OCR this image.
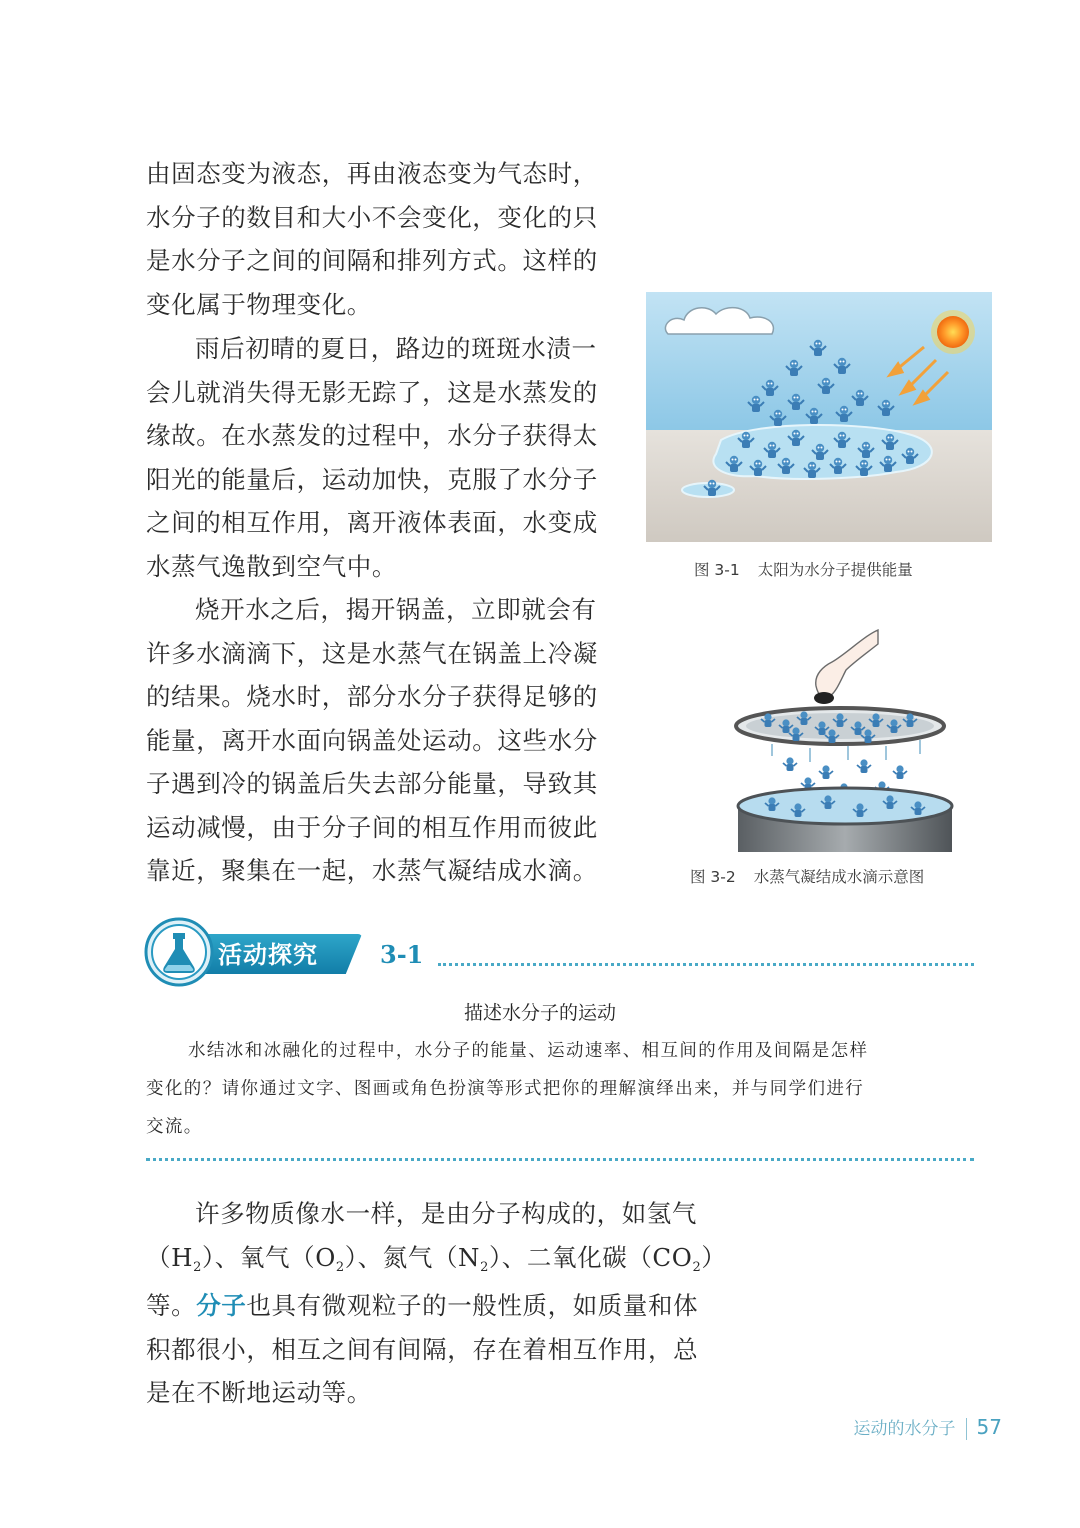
由固态变为液态，再由液态变为气态时，
水分子的数目和大小不会变化，变化的只
是水分子之间的间隔和排列方式。这样的
变化属于物理变化。

雨后初晴的夏日，路边的斑斑水渍一
会儿就消失得无影无踪了，这是水蒸发的
缘故。在水蒸发的过程中，水分子获得太
阳光的能量后，运动加快，克服了水分子
之间的相互作用，离开液体表面，水变成
水蒸气逸散到空气中。

烧开水之后，揭开锅盖，立即就会有
许多水滴滴下，这是水蒸气在锅盖上冷凝
的结果。烧水时，部分水分子获得足够的
能量，离开水面向锅盖处运动。这些水分
子遇到冷的锅盖后失去部分能量，导致其
运动减慢，由于分子间的相互作用而彼此
靠近，聚集在一起，水蒸气凝结成水滴。

图 3-1 太阳为水分子提供能量
图 3-2 水蒸气凝结成水滴示意图
活动探究	3-1
描述水分子的运动

水结冰和冰融化的过程中，水分子的能量、运动速率、相互间的作用及间隔是怎样
变化的？请你通过文字、图画或角色扮演等形式把你的理解演绎出来，并与同学们进行
交流。

许多物质像水一样，是由分子构成的，如氢气
$(H_2)$、氧气$(O_2)$、氮气$(N_2)$、二氧化碳$(CO_2)$
等。分子也具有微观粒子的一般性质，如质量和体
积都很小，相互之间有间隔，存在着相互作用，总
是在不断地运动等。

运动的水分子 57
